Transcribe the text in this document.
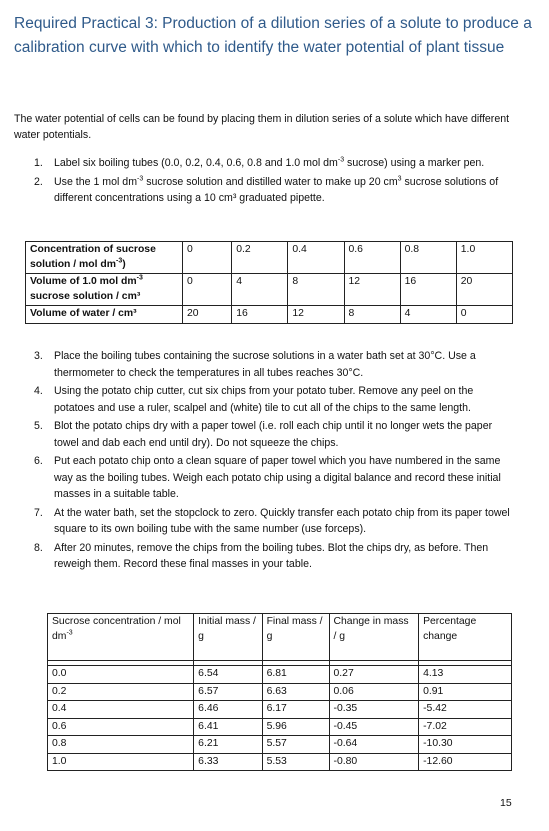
Required Practical 3: Production of a dilution series of a solute to produce a calibration curve with which to identify the water potential of plant tissue
The water potential of cells can be found by placing them in dilution series of a solute which have different water potentials.
1. Label six boiling tubes (0.0, 0.2, 0.4, 0.6, 0.8 and 1.0 mol $dm^{-3}$ sucrose) using a marker pen.
2. Use the 1 mol $dm^{-3}$ sucrose solution and distilled water to make up 20 $cm^3$ sucrose solutions of different concentrations using a 10 cm³ graduated pipette.
Concentration of sucrose solution / mol $dm^{-3}$)	0	0.2	0.4	0.6	0.8	1.0
Volume of 1.0 mol $dm^{-3}$ sucrose solution / cm³	0	4	8	12	16	20
Volume of water / cm³	20	16	12	8	4	0
3. Place the boiling tubes containing the sucrose solutions in a water bath set at 30°C. Use a thermometer to check the temperatures in all tubes reaches 30°C.
4. Using the potato chip cutter, cut six chips from your potato tuber. Remove any peel on the potatoes and use a ruler, scalpel and (white) tile to cut all of the chips to the same length.
5. Blot the potato chips dry with a paper towel (i.e. roll each chip until it no longer wets the paper towel and dab each end until dry). Do not squeeze the chips.
6. Put each potato chip onto a clean square of paper towel which you have numbered in the same way as the boiling tubes. Weigh each potato chip using a digital balance and record these initial masses in a suitable table.
7. At the water bath, set the stopclock to zero. Quickly transfer each potato chip from its paper towel square to its own boiling tube with the same number (use forceps).
8. After 20 minutes, remove the chips from the boiling tubes. Blot the chips dry, as before. Then reweigh them. Record these final masses in your table.
Sucrose concentration / mol $dm^{-3}$	Initial mass / g	Final mass / g	Change in mass / g	Percentage change

0.0	6.54	6.81	0.27	4.13
0.2	6.57	6.63	0.06	0.91
0.4	6.46	6.17	-0.35	-5.42
0.6	6.41	5.96	-0.45	-7.02
0.8	6.21	5.57	-0.64	-10.30
1.0	6.33	5.53	-0.80	-12.60
15
